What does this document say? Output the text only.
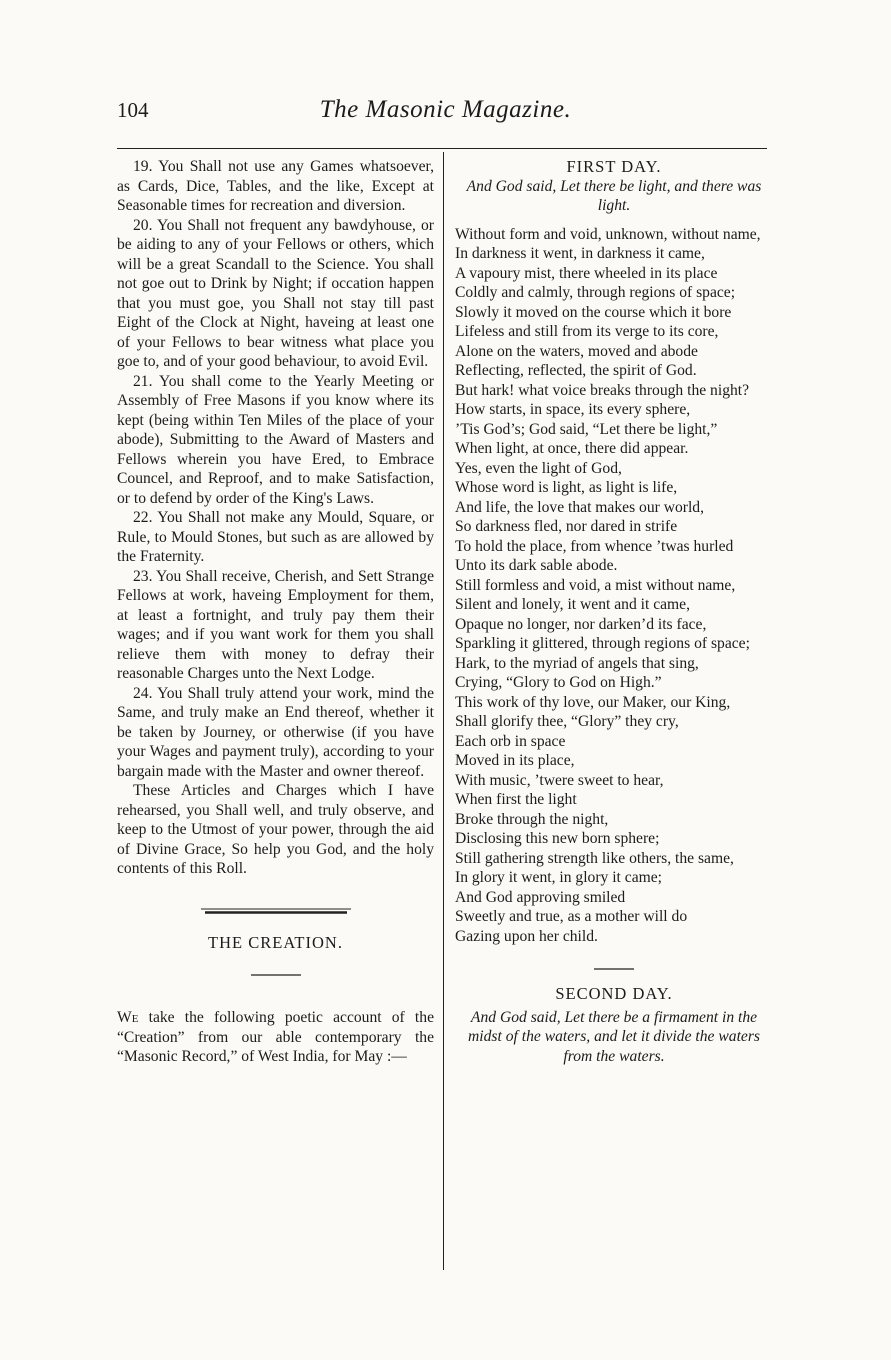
104	The Masonic Magazine.

19. You Shall not use any Games whatsoever, as Cards, Dice, Tables, and the like, Except at Seasonable times for recreation and diversion.

20. You Shall not frequent any bawdyhouse, or be aiding to any of your Fellows or others, which will be a great Scandall to the Science. You shall not goe out to Drink by Night; if occation happen that you must goe, you Shall not stay till past Eight of the Clock at Night, haveing at least one of your Fellows to bear witness what place you goe to, and of your good behaviour, to avoid Evil.

21. You shall come to the Yearly Meeting or Assembly of Free Masons if you know where its kept (being within Ten Miles of the place of your abode), Submitting to the Award of Masters and Fellows wherein you have Ered, to Embrace Councel, and Reproof, and to make Satisfaction, or to defend by order of the King's Laws.

22. You Shall not make any Mould, Square, or Rule, to Mould Stones, but such as are allowed by the Fraternity.

23. You Shall receive, Cherish, and Sett Strange Fellows at work, haveing Employment for them, at least a fortnight, and truly pay them their wages; and if you want work for them you shall relieve them with money to defray their reasonable Charges unto the Next Lodge.

24. You Shall truly attend your work, mind the Same, and truly make an End thereof, whether it be taken by Journey, or otherwise (if you have your Wages and payment truly), according to your bargain made with the Master and owner thereof.

These Articles and Charges which I have rehearsed, you Shall well, and truly observe, and keep to the Utmost of your power, through the aid of Divine Grace, So help you God, and the holy contents of this Roll.

THE CREATION.

We take the following poetic account of the “Creation” from our able contemporary the “Masonic Record,” of West India, for May :—

FIRST DAY.

And God said, Let there be light, and there was light.

Without form and void, unknown, without name,

In darkness it went, in darkness it came,

A vapoury mist, there wheeled in its place

Coldly and calmly, through regions of space;

Slowly it moved on the course which it bore

Lifeless and still from its verge to its core,

Alone on the waters, moved and abode

Reflecting, reflected, the spirit of God.

But hark! what voice breaks through the night?

How starts, in space, its every sphere,

’Tis God’s; God said, “Let there be light,”

When light, at once, there did appear.

Yes, even the light of God,

Whose word is light, as light is life,

And life, the love that makes our world,

So darkness fled, nor dared in strife

To hold the place, from whence ’twas hurled

Unto its dark sable abode.

Still formless and void, a mist without name,

Silent and lonely, it went and it came,

Opaque no longer, nor darken’d its face,

Sparkling it glittered, through regions of space;

Hark, to the myriad of angels that sing,

Crying, “Glory to God on High.”

This work of thy love, our Maker, our King,

Shall glorify thee, “Glory” they cry,

Each orb in space

Moved in its place,

With music, ’twere sweet to hear,

When first the light

Broke through the night,

Disclosing this new born sphere;

Still gathering strength like others, the same,

In glory it went, in glory it came;

And God approving smiled

Sweetly and true, as a mother will do

Gazing upon her child.

SECOND DAY.

And God said, Let there be a firmament in the midst of the waters, and let it divide the waters from the waters.
